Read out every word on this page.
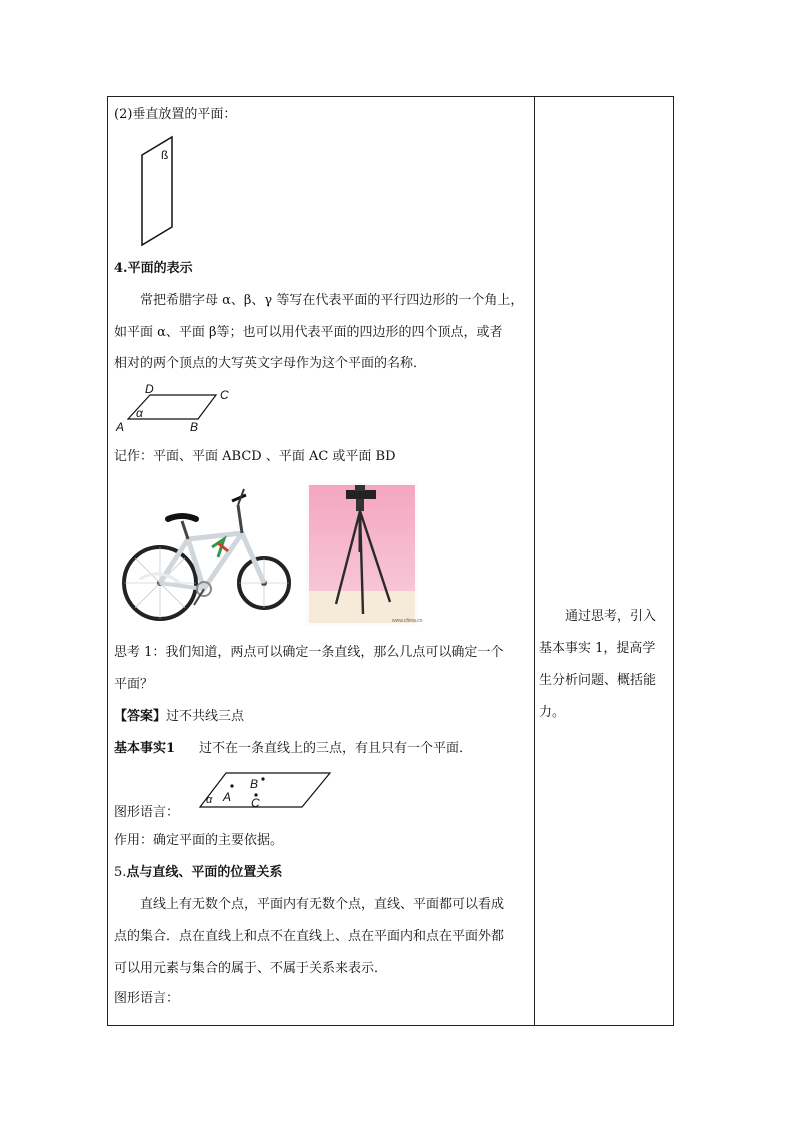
(2)垂直放置的平面：
ß
4.平面的表示
常把希腊字母 α、β、γ 等写在代表平面的平行四边形的一个角上，
如平面 α、平面 β等；也可以用代表平面的四边形的四个顶点，或者
相对的两个顶点的大写英文字母作为这个平面的名称．
D	C
α
A	B
记作：平面、平面 ABCD 、平面 AC 或平面 BD
www.china.cn
思考 1：我们知道，两点可以确定一条直线，那么几点可以确定一个
平面？
【答案】过不共线三点
基本事实1 过不在一条直线上的三点，有且只有一个平面．
B
A C
α
图形语言：
作用：确定平面的主要依据。
5.点与直线、平面的位置关系
直线上有无数个点，平面内有无数个点，直线、平面都可以看成
点的集合．点在直线上和点不在直线上、点在平面内和点在平面外都
可以用元素与集合的属于、不属于关系来表示．
图形语言：
通过思考，引入
基本事实 1，提高学
生分析问题、概括能
力。
